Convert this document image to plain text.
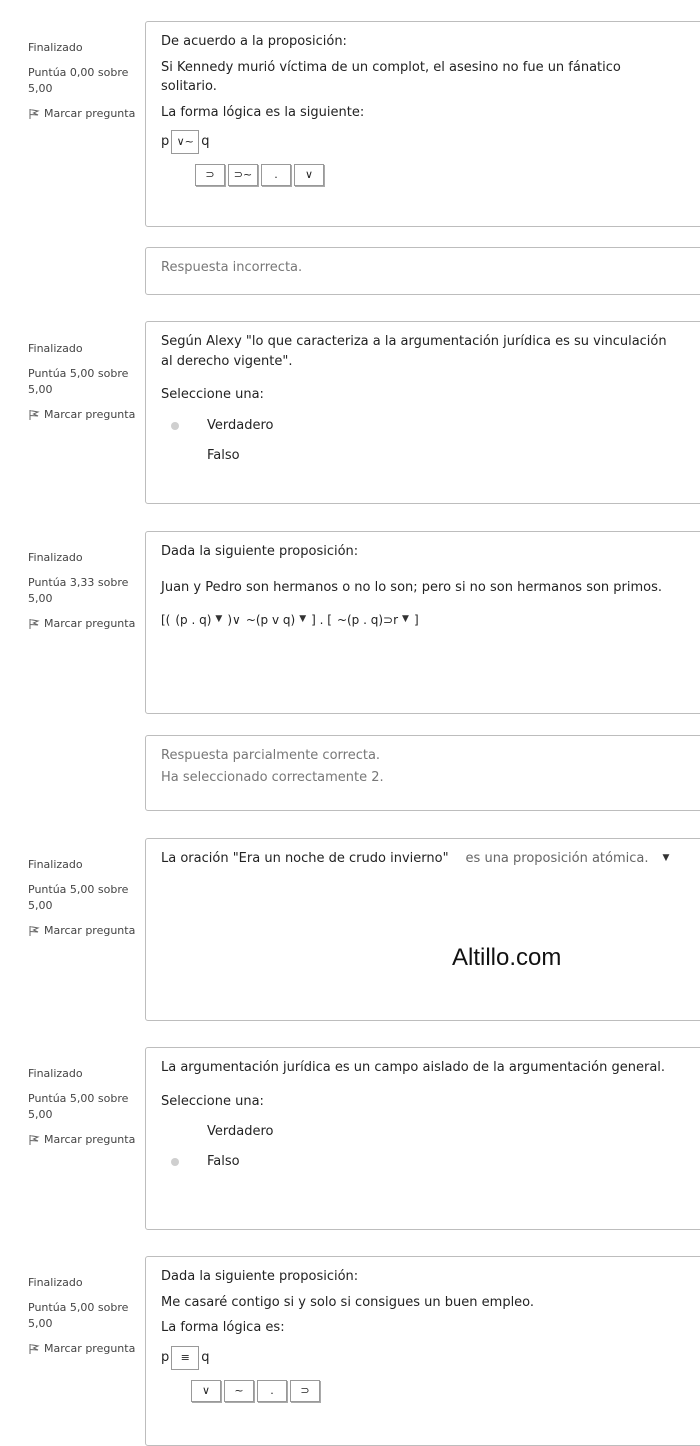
Finalizado
Puntúa 0,00 sobre 5,00
Marcar pregunta
De acuerdo a la proposición:
Si Kennedy murió víctima de un complot, el asesino no fue un fánatico solitario.
La forma lógica es la siguiente:
p ∨~ q
⊃	⊃~	.	∨
Respuesta incorrecta.
Finalizado
Puntúa 5,00 sobre 5,00
Marcar pregunta
Según Alexy "lo que caracteriza a la argumentación jurídica es su vinculación al derecho vigente".
Seleccione una:
Verdadero
Falso
Finalizado
Puntúa 3,33 sobre 5,00
Marcar pregunta
Dada la siguiente proposición:
Juan y Pedro son hermanos o no lo son; pero si no son hermanos son primos.
[( (p . q) ▼ )∨ ~(p v q) ▼ ] . [ ~(p . q)⊃r ▼ ]
Respuesta parcialmente correcta.
Ha seleccionado correctamente 2.
Finalizado
Puntúa 5,00 sobre 5,00
Marcar pregunta
La oración "Era un noche de crudo invierno" es una proposición atómica. ▼
Finalizado
Puntúa 5,00 sobre 5,00
Marcar pregunta
La argumentación jurídica es un campo aislado de la argumentación general.
Seleccione una:
Verdadero
Falso
Finalizado
Puntúa 5,00 sobre 5,00
Marcar pregunta
Dada la siguiente proposición:
Me casaré contigo si y solo si consigues un buen empleo.
La forma lógica es:
p	≡ q
∨	~	.	⊃
Altillo.com
